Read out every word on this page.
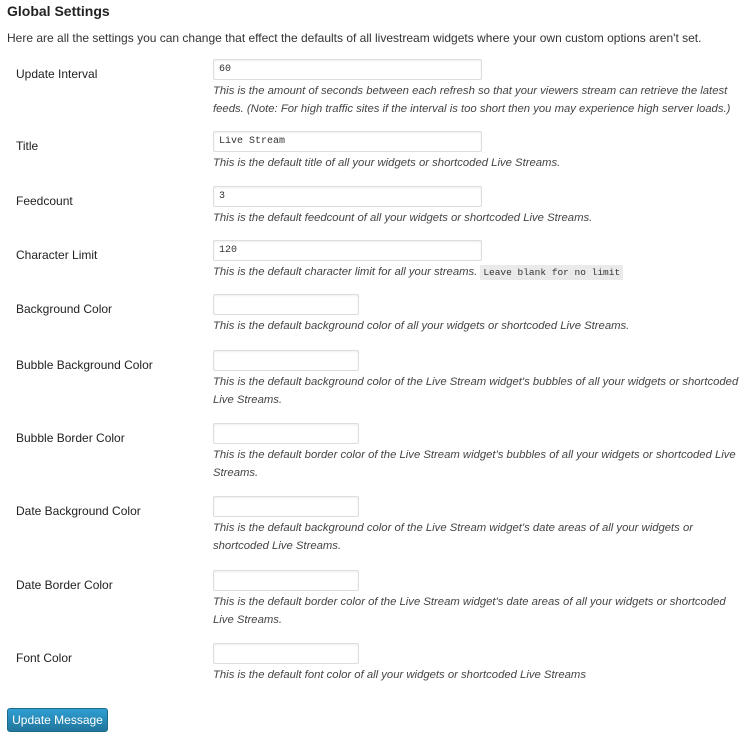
Global Settings
Here are all the settings you can change that effect the defaults of all livestream widgets where your own custom options aren't set.
Update Interval
60
This is the amount of seconds between each refresh so that your viewers stream can retrieve the latest feeds. (Note: For high traffic sites if the interval is too short then you may experience high server loads.)
Title
Live Stream
This is the default title of all your widgets or shortcoded Live Streams.
Feedcount
3
This is the default feedcount of all your widgets or shortcoded Live Streams.
Character Limit
120
This is the default character limit for all your streams. Leave blank for no limit
Background Color
This is the default background color of all your widgets or shortcoded Live Streams.
Bubble Background Color
This is the default background color of the Live Stream widget's bubbles of all your widgets or shortcoded Live Streams.
Bubble Border Color
This is the default border color of the Live Stream widget's bubbles of all your widgets or shortcoded Live Streams.
Date Background Color
This is the default background color of the Live Stream widget's date areas of all your widgets or shortcoded Live Streams.
Date Border Color
This is the default border color of the Live Stream widget's date areas of all your widgets or shortcoded Live Streams.
Font Color
This is the default font color of all your widgets or shortcoded Live Streams
Update Message
